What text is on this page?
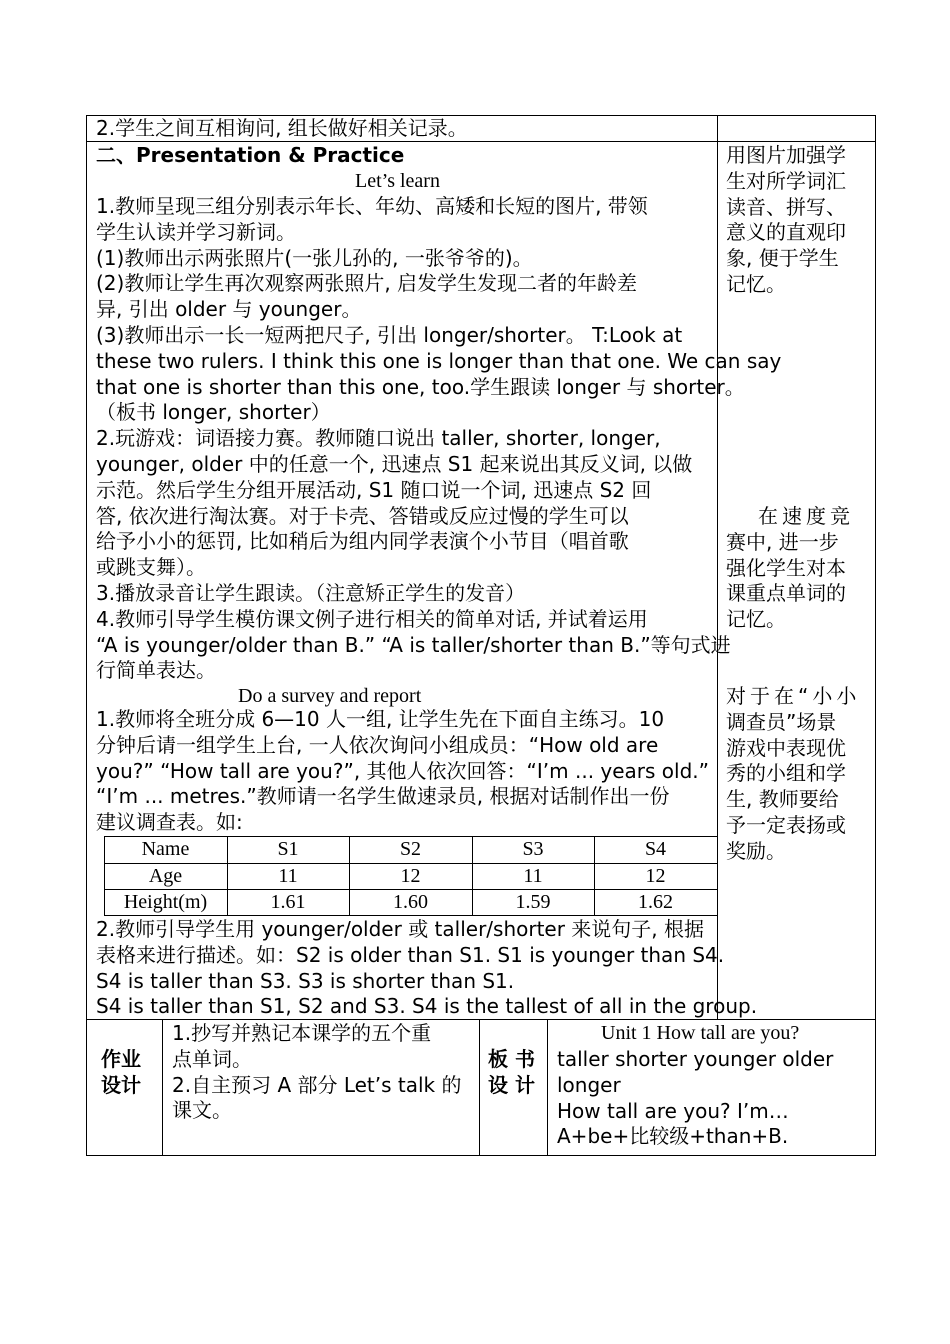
2.学生之间互相询问, 组长做好相关记录。
二、Presentation & Practice
Let’s learn
1.教师呈现三组分别表示年长、年幼、高矮和长短的图片, 带领
学生认读并学习新词。
(1)教师出示两张照片(一张儿孙的, 一张爷爷的)。
(2)教师让学生再次观察两张照片, 启发学生发现二者的年龄差
异, 引出 older 与 younger。
(3)教师出示一长一短两把尺子, 引出 longer/shorter。 T:Look at
these two rulers. I think this one is longer than that one. We can say
that one is shorter than this one, too.学生跟读 longer 与 shorter。
（板书 longer, shorter）
2.玩游戏：词语接力赛。教师随口说出 taller, shorter, longer,
younger, older 中的任意一个, 迅速点 S1 起来说出其反义词, 以做
示范。然后学生分组开展活动, S1 随口说一个词, 迅速点 S2 回
答, 依次进行淘汰赛。对于卡壳、答错或反应过慢的学生可以
给予小小的惩罚, 比如稍后为组内同学表演个小节目（唱首歌
或跳支舞）。
3.播放录音让学生跟读。（注意矫正学生的发音）
4.教师引导学生模仿课文例子进行相关的简单对话, 并试着运用
“A is younger/older than B.” “A is taller/shorter than B.”等句式进
行简单表达。
Do a survey and report
1.教师将全班分成 6—10 人一组, 让学生先在下面自主练习。10
分钟后请一组学生上台, 一人依次询问小组成员：“How old are
you?” “How tall are you?”, 其他人依次回答：“I’m ... years old.”
“I’m ... metres.”教师请一名学生做速录员, 根据对话制作出一份
建议调查表。如:
Name	S1	S2	S3	S4
Age	11	12	11	12
Height(m)	1.61	1.60	1.59	1.62
2.教师引导学生用 younger/older 或 taller/shorter 来说句子, 根据
表格来进行描述。如：S2 is older than S1. S1 is younger than S4.
S4 is taller than S3. S3 is shorter than S1.
S4 is taller than S1, S2 and S3. S4 is the tallest of all in the group.
用图片加强学
生对所学词汇
读音、拼写、
意义的直观印
象, 便于学生
记忆。
在速度竞
赛中, 进一步
强化学生对本
课重点单词的
记忆。
对于在“小小
调查员”场景
游戏中表现优
秀的小组和学
生, 教师要给
予一定表扬或
奖励。
作业
设计
1.抄写并熟记本课学的五个重
点单词。
2.自主预习 A 部分 Let’s talk 的
课文。
板 书
设 计
Unit 1 How tall are you?
taller shorter younger older
longer
How tall are you? I’m…
A+be+比较级+than+B.
